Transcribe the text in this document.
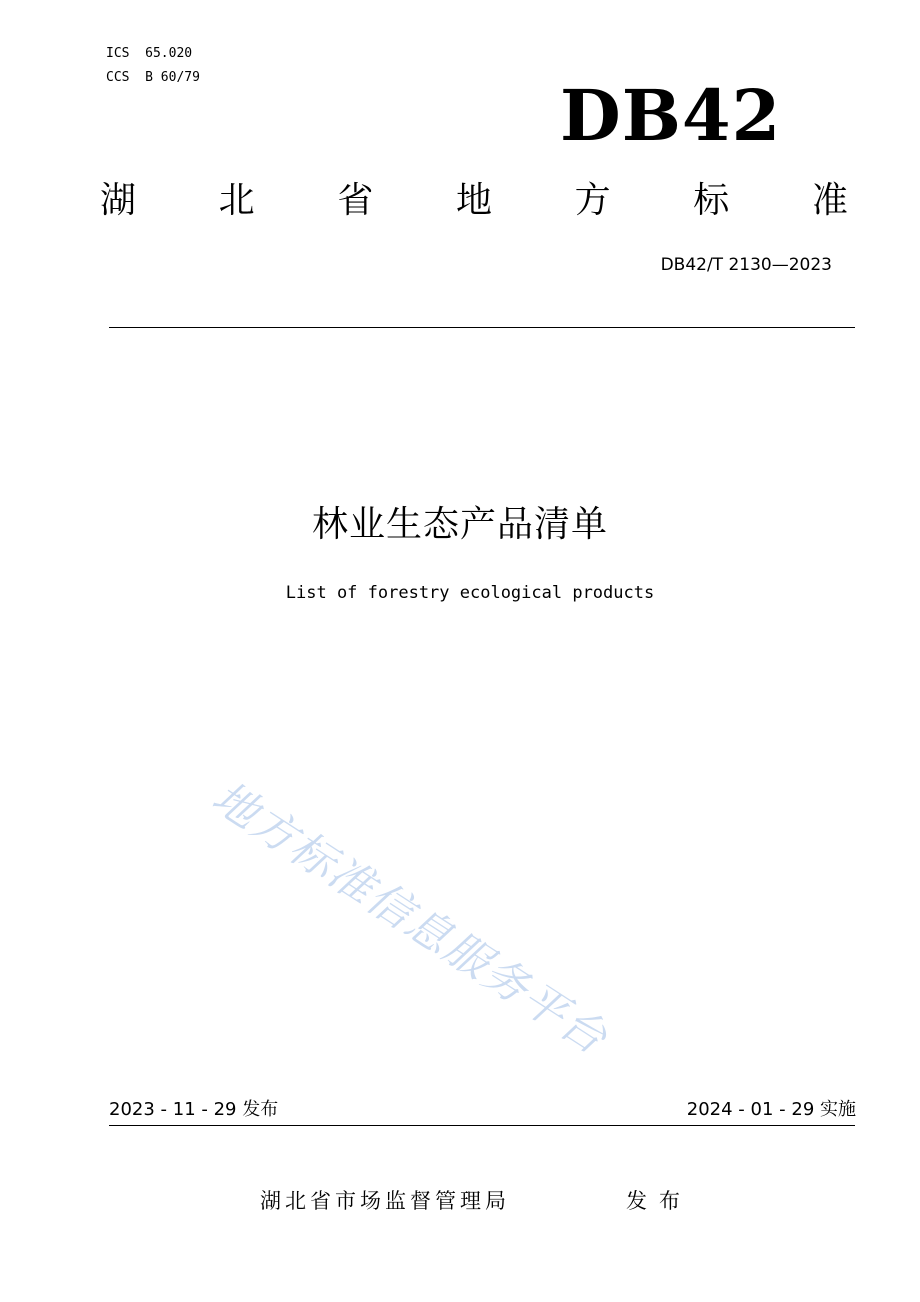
ICS  65.020
CCS  B 60/79	DB42
湖 北 省 地 方 标 准
DB42/T 2130—2023
林业生态产品清单
List of forestry ecological products
地方标准信息服务平台
2023 - 11 - 29 发布	2024 - 01 - 29 实施
湖北省市场监督管理局	发布
